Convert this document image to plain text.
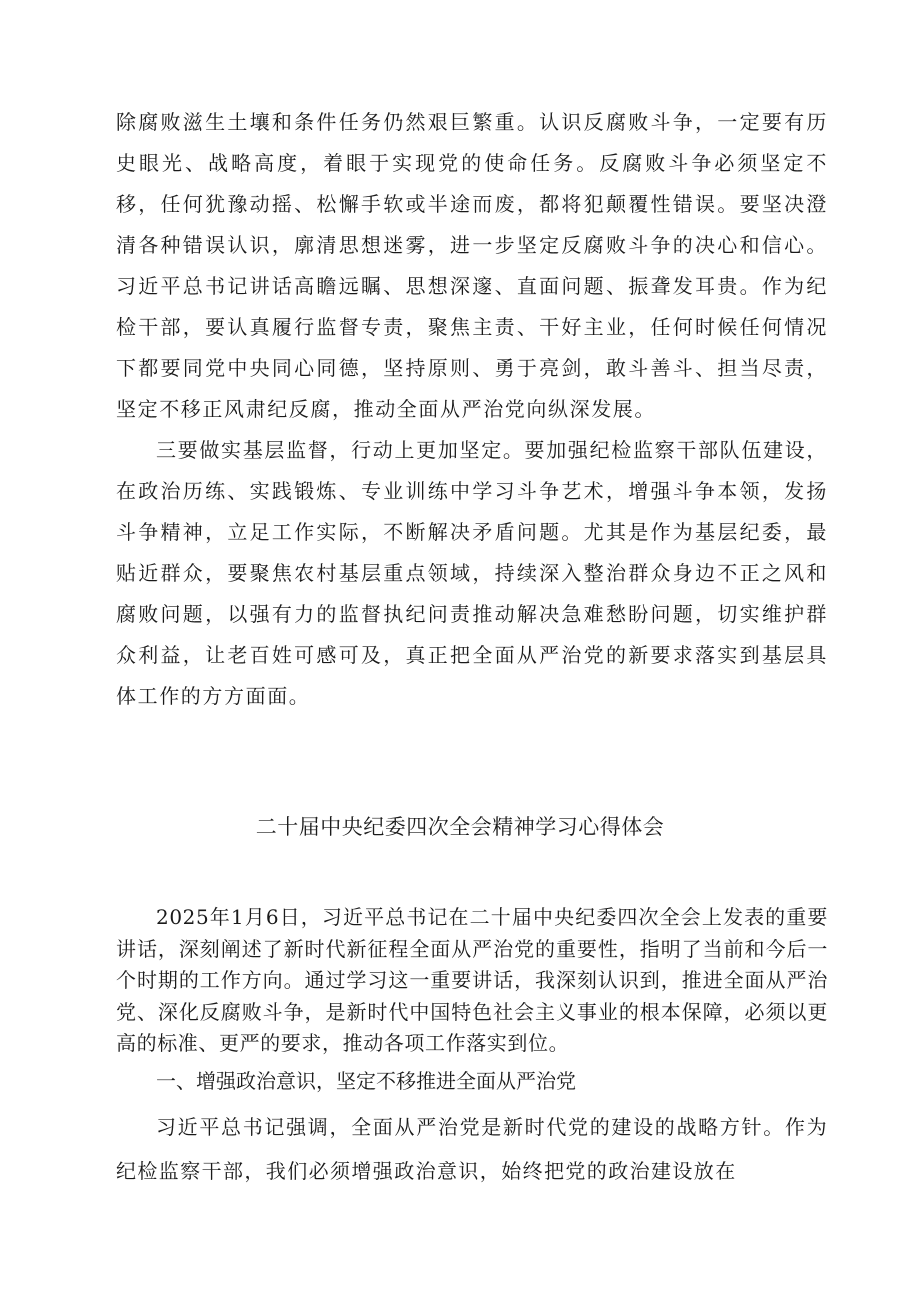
除腐败滋生土壤和条件任务仍然艰巨繁重。认识反腐败斗争，一定要有历史眼光、战略高度，着眼于实现党的使命任务。反腐败斗争必须坚定不移，任何犹豫动摇、松懈手软或半途而废，都将犯颠覆性错误。要坚决澄清各种错误认识，廓清思想迷雾，进一步坚定反腐败斗争的决心和信心。习近平总书记讲话高瞻远瞩、思想深邃、直面问题、振聋发耳贵。作为纪检干部，要认真履行监督专责，聚焦主责、干好主业，任何时候任何情况下都要同党中央同心同德，坚持原则、勇于亮剑，敢斗善斗、担当尽责，坚定不移正风肃纪反腐，推动全面从严治党向纵深发展。

三要做实基层监督，行动上更加坚定。要加强纪检监察干部队伍建设，在政治历练、实践锻炼、专业训练中学习斗争艺术，增强斗争本领，发扬斗争精神，立足工作实际，不断解决矛盾问题。尤其是作为基层纪委，最贴近群众，要聚焦农村基层重点领域，持续深入整治群众身边不正之风和腐败问题，以强有力的监督执纪问责推动解决急难愁盼问题，切实维护群众利益，让老百姓可感可及，真正把全面从严治党的新要求落实到基层具体工作的方方面面。

二十届中央纪委四次全会精神学习心得体会

2025年1月6日，习近平总书记在二十届中央纪委四次全会上发表的重要讲话，深刻阐述了新时代新征程全面从严治党的重要性，指明了当前和今后一个时期的工作方向。通过学习这一重要讲话，我深刻认识到，推进全面从严治党、深化反腐败斗争，是新时代中国特色社会主义事业的根本保障，必须以更高的标准、更严的要求，推动各项工作落实到位。

一、增强政治意识，坚定不移推进全面从严治党

习近平总书记强调，全面从严治党是新时代党的建设的战略方针。作为纪检监察干部，我们必须增强政治意识，始终把党的政治建设放在
